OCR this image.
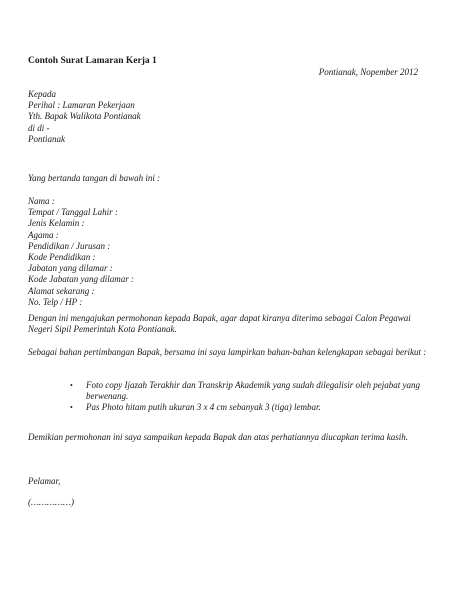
Contoh Surat Lamaran Kerja 1
Pontianak, Nopember 2012
Kepada
Perihal : Lamaran Pekerjaan
Yth. Bapak Walikota Pontianak
di di -
Pontianak
Yang bertanda tangan di bawah ini :
Nama :
Tempat / Tanggal Lahir :
Jenis Kelamin :
Agama :
Pendidikan / Jurusan :
Kode Pendidikan :
Jabatan yang dilamar :
Kode Jabatan yang dilamar :
Alamat sekarang :
No. Telp / HP :
Dengan ini mengajukan permohonan kepada Bapak, agar dapat kiranya diterima sebagai Calon Pegawai Negeri Sipil Pemerintah Kota Pontianak.
Sebagai bahan pertimbangan Bapak, bersama ini saya lampirkan bahan-bahan kelengkapan sebagai berikut :
• Foto copy Ijazah Terakhir dan Transkrip Akademik yang sudah dilegalisir oleh pejabat yang berwenang.
• Pas Photo hitam putih ukuran 3 x 4 cm sebanyak 3 (tiga) lembar.
Demikian permohonan ini saya sampaikan kepada Bapak dan atas perhatiannya diucapkan terima kasih.
Pelamar,
(……………)
